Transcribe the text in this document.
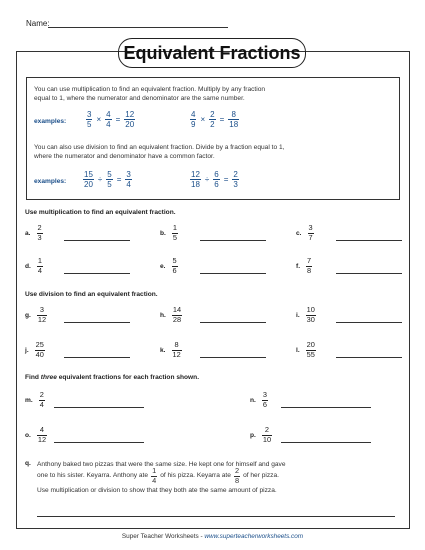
Name:
Equivalent Fractions
You can use multiplication to find an equivalent fraction. Multiply by any fraction
equal to 1, where the numerator and denominator are the same number.
examples: $\frac{3}{5} \times \frac{4}{4} = \frac{12}{20}$	$\frac{4}{9} \times \frac{2}{2} = \frac{8}{18}$
You can also use division to find an equivalent fraction. Divide by a fraction equal to 1,
where the numerator and denominator have a common factor.
examples: $\frac{15}{20} \div \frac{5}{5} = \frac{3}{4}$	$\frac{12}{18} \div \frac{6}{6} = \frac{2}{3}$
Use multiplication to find an equivalent fraction.
a. $\frac{2}{3}$	b. $\frac{1}{5}$	c. $\frac{3}{7}$
d. $\frac{1}{4}$	e. $\frac{5}{6}$	f. $\frac{7}{8}$
Use division to find an equivalent fraction.
g. $\frac{3}{12}$	h. $\frac{14}{28}$	i. $\frac{10}{30}$
j. $\frac{25}{40}$	k. $\frac{8}{12}$	l. $\frac{20}{55}$
Find three equivalent fractions for each fraction shown.
m. $\frac{2}{4}$	n. $\frac{3}{6}$
o. $\frac{4}{12}$	p. $\frac{2}{10}$
q. Anthony baked two pizzas that were the same size. He kept one for himself and gave
one to his sister. Keyarra. Anthony ate $\frac{1}{4}$ of his pizza. Keyarra ate $\frac{2}{8}$ of her pizza.
Use multiplication or division to show that they both ate the same amount of pizza.
Super Teacher Worksheets - www.superteacherworksheets.com
